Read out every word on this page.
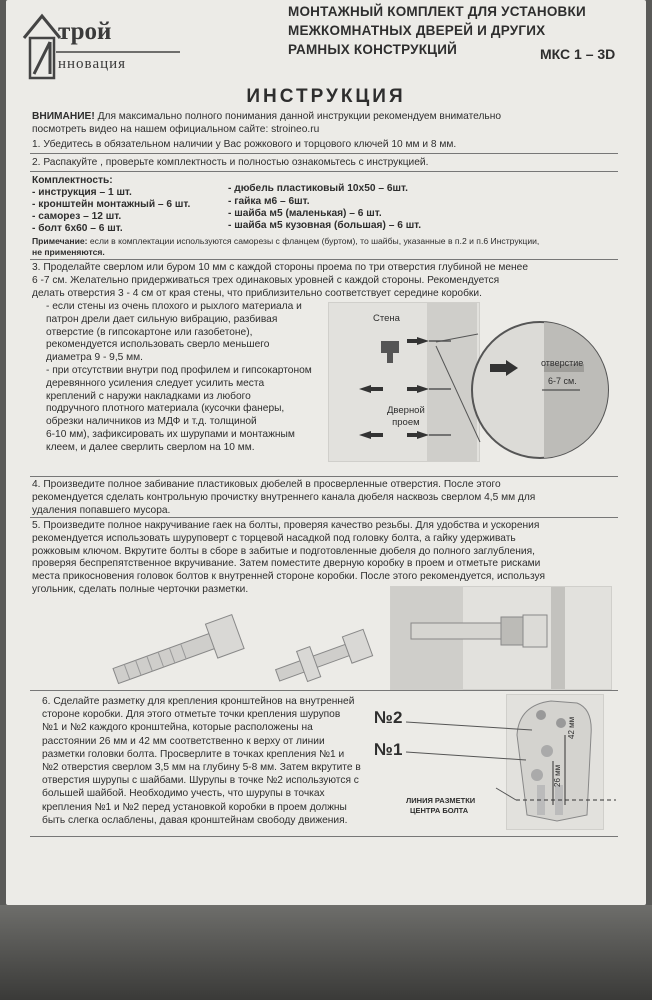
трой
нновация
МОНТАЖНЫЙ КОМПЛЕКТ ДЛЯ УСТАНОВКИ
МЕЖКОМНАТНЫХ ДВЕРЕЙ И ДРУГИХ
РАМНЫХ КОНСТРУКЦИЙ	МКС 1 – 3D
ИНСТРУКЦИЯ
ВНИМАНИЕ! Для максимально полного понимания данной инструкции рекомендуем внимательно
посмотреть видео на нашем официальном сайте: stroineo.ru
1. Убедитесь в обязательном наличии у Вас рожкового и торцового ключей 10 мм и 8 мм.
2. Распакуйте , проверьте комплектность и полностью ознакомьтесь с инструкцией.
Комплектность:
- инструкция – 1 шт.
- кронштейн монтажный – 6 шт.
- саморез – 12 шт.
- болт 6х60 – 6 шт.
- дюбель пластиковый 10х50 – 6шт.
- гайка м6 – 6шт.
- шайба м5 (маленькая) – 6 шт.
- шайба м5 кузовная (большая) – 6 шт.
Примечание: если в комплектации используются саморезы с фланцем (буртом), то шайбы, указанные в п.2 и п.6 Инструкции,
не применяются.
3. Проделайте сверлом или буром 10 мм с каждой стороны проема по три отверстия глубиной не менее
6 -7 см. Желательно придерживаться трех одинаковых уровней с каждой стороны. Рекомендуется
делать отверстия 3 - 4 см от края стены, что приблизительно соответствует середине коробки.
- если стены из очень плохого и рыхлого материала и
патрон дрели дает сильную вибрацию, разбивая
отверстие (в гипсокартоне или газобетоне),
рекомендуется использовать сверло меньшего
диаметра 9 - 9,5 мм.
- при отсутствии внутри под профилем и гипсокартоном
деревянного усиления следует усилить места
креплений с наружи накладками из любого
подручного плотного материала (кусочки фанеры,
обрезки наличников из МДФ и т.д. толщиной
6-10 мм), зафиксировать их шурупами и монтажным
клеем, и далее сверлить сверлом на 10 мм.
Стена
Дверной
проем
отверстие
6-7 см.
4. Произведите полное забивание пластиковых дюбелей в просверленные отверстия. После этого
рекомендуется сделать контрольную прочистку внутреннего канала дюбеля насквозь сверлом 4,5 мм для
удаления попавшего мусора.
5. Произведите полное накручивание гаек на болты, проверяя качество резьбы. Для удобства и ускорения
рекомендуется использовать шуруповерт с торцевой насадкой под головку болта, а гайку удерживать
рожковым ключом. Вкрутите болты в сборе в забитые и подготовленные дюбеля до полного заглубления,
проверяя беспрепятственное вкручивание. Затем поместите дверную коробку в проем и отметьте рисками
места прикосновения головок болтов к внутренней стороне коробки. После этого рекомендуется, используя
угольник, сделать полные черточки разметки.
6. Сделайте разметку для крепления кронштейнов на внутренней
стороне коробки. Для этого отметьте точки крепления шурупов
№1 и №2 каждого кронштейна, которые расположены на
расстоянии 26 мм и 42 мм соответственно к верху от линии
разметки головки болта. Просверлите в точках крепления №1 и
№2 отверстия сверлом 3,5 мм на глубину 5-8 мм. Затем вкрутите в
отверстия шурупы с шайбами. Шурупы в точке №2 используются с
большей шайбой. Необходимо учесть, что шурупы в точках
крепления №1 и №2 перед установкой коробки в проем должны
быть слегка ослаблены, давая кронштейнам свободу движения.
42 мм
26 мм
№2
№1
ЛИНИЯ РАЗМЕТКИ
ЦЕНТРА БОЛТА
